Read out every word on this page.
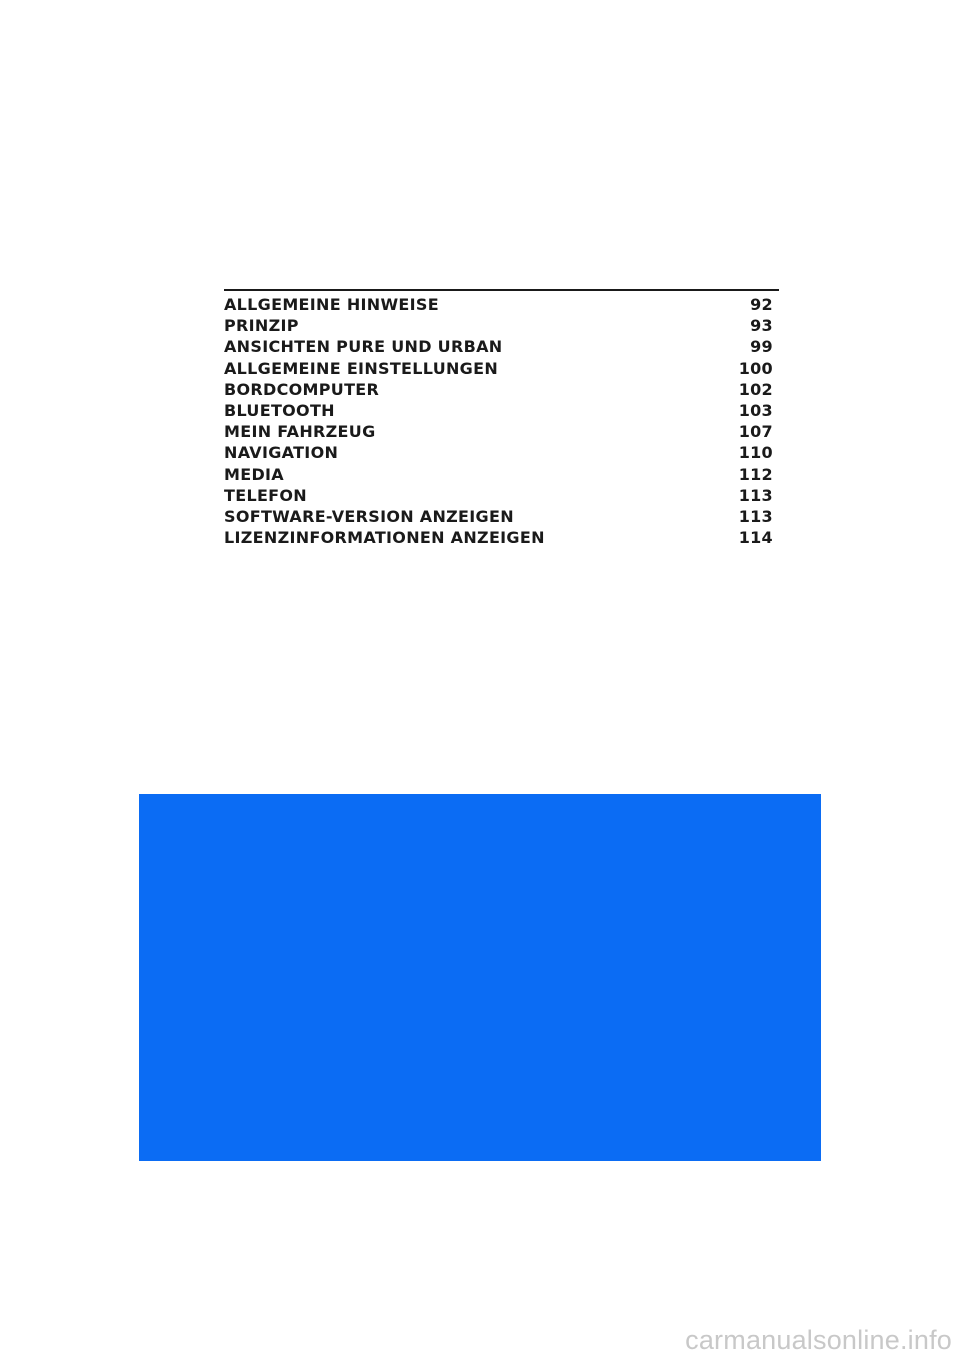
ALLGEMEINE HINWEISE	92
PRINZIP	93
ANSICHTEN PURE UND URBAN	99
ALLGEMEINE EINSTELLUNGEN	100
BORDCOMPUTER	102
BLUETOOTH	103
MEIN FAHRZEUG	107
NAVIGATION	110
MEDIA	112
TELEFON	113
SOFTWARE-VERSION ANZEIGEN	113
LIZENZINFORMATIONEN ANZEIGEN	114
carmanualsonline.info
